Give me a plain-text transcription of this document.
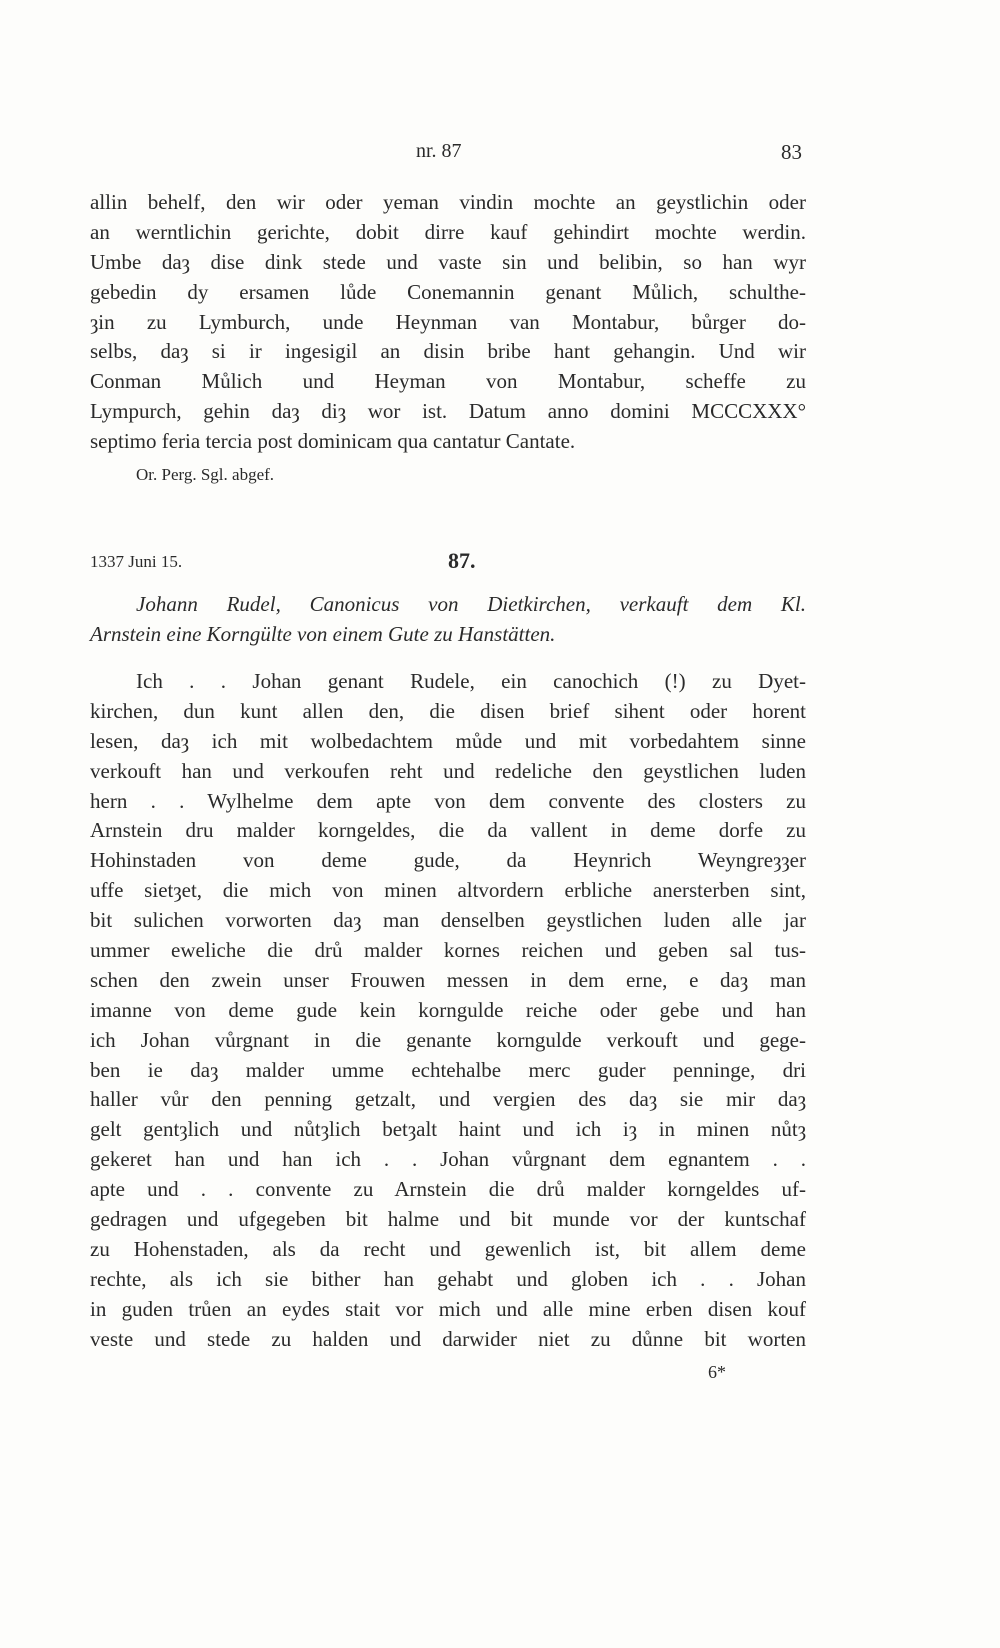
nr. 87	83
allin behelf, den wir oder yeman vindin mochte an geystlichin oder
an werntlichin gerichte, dobit dirre kauf gehindirt mochte werdin.
Umbe daȝ dise dink stede und vaste sin und belibin, so han wyr
gebedin dy ersamen lůde Conemannin genant Můlich, schulthe-
ȝin zu Lymburch, unde Heynman van Montabur, bůrger do-
selbs, daȝ si ir ingesigil an disin bribe hant gehangin. Und wir
Conman Můlich und Heyman von Montabur, scheffe zu
Lympurch, gehin daȝ diȝ wor ist. Datum anno domini MCCCXXX°
septimo feria tercia post dominicam qua cantatur Cantate.
Or. Perg. Sgl. abgef.
1337 Juni 15.	87.
Johann Rudel, Canonicus von Dietkirchen, verkauft dem Kl.
Arnstein eine Korngülte von einem Gute zu Hanstätten.
Ich . . Johan genant Rudele, ein canochich (!) zu Dyet-
kirchen, dun kunt allen den, die disen brief sihent oder horent
lesen, daȝ ich mit wolbedachtem můde und mit vorbedahtem sinne
verkouft han und verkoufen reht und redeliche den geystlichen luden
hern . . Wylhelme dem apte von dem convente des closters zu
Arnstein dru malder korngeldes, die da vallent in deme dorfe zu
Hohinstaden von deme gude, da Heynrich Weyngreȝȝer
uffe sietȝet, die mich von minen altvordern erbliche anersterben sint,
bit sulichen vorworten daȝ man denselben geystlichen luden alle jar
ummer eweliche die drů malder kornes reichen und geben sal tus-
schen den zwein unser Frouwen messen in dem erne, e daȝ man
imanne von deme gude kein korngulde reiche oder gebe und han
ich Johan vůrgnant in die genante korngulde verkouft und gege-
ben ie daȝ malder umme echtehalbe merc guder penninge, dri
haller vůr den penning getzalt, und vergien des daȝ sie mir daȝ
gelt gentȝlich und nůtȝlich betȝalt haint und ich iȝ in minen nůtȝ
gekeret han und han ich . . Johan vůrgnant dem egnantem . .
apte und . . convente zu Arnstein die drů malder korngeldes uf-
gedragen und ufgegeben bit halme und bit munde vor der kuntschaf
zu Hohenstaden, als da recht und gewenlich ist, bit allem deme
rechte, als ich sie bither han gehabt und globen ich . . Johan
in guden trůen an eydes stait vor mich und alle mine erben disen kouf
veste und stede zu halden und darwider niet zu důnne bit worten
6*
